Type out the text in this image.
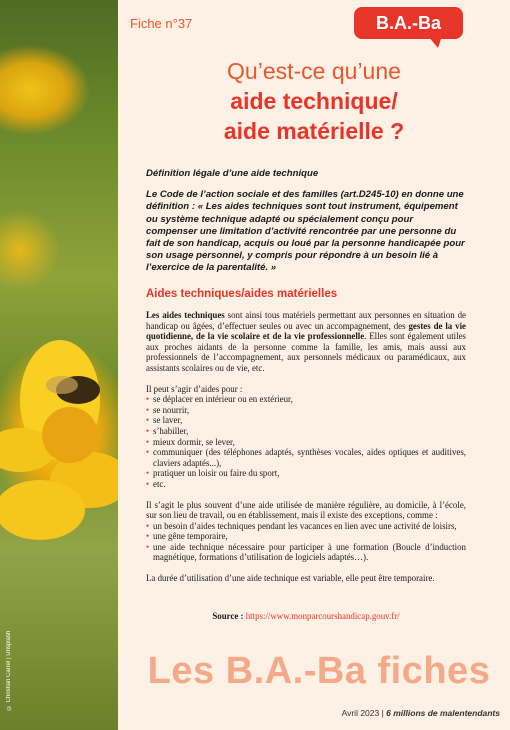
© Christian Carrel | Unsplash
Fiche n°37	B.A.-Ba
Qu’est-ce qu’une
aide technique/
aide matérielle ?
Définition légale d’une aide technique
Le Code de l’action sociale et des familles (art.D245-10) en donne une définition : « Les aides techniques sont tout instrument, équipement ou système technique adapté ou spécialement conçu pour compenser une limitation d’activité rencontrée par une personne du fait de son handicap, acquis ou loué par la personne handicapée pour son usage personnel, y compris pour répondre à un besoin lié à l’exercice de la parentalité. »
Aides techniques/aides matérielles

Les aides techniques sont ainsi tous matériels permettant aux personnes en situation de handicap ou âgées, d’effectuer seules ou avec un accompagnement, des gestes de la vie quotidienne, de la vie scolaire et de la vie professionnelle. Elles sont également utiles aux proches aidants de la personne comme la famille, les amis, mais aussi aux professionnels de l’accompagnement, aux personnels médicaux ou paramédicaux, aux assistants scolaires ou de vie, etc.

Il peut s’agir d’aides pour :

• se déplacer en intérieur ou en extérieur,
• se nourrir,
• se laver,
• s’habiller,
• mieux dormir, se lever,
• communiquer (des téléphones adaptés, synthèses vocales, aides optiques et auditives, claviers adaptés...),
• pratiquer un loisir ou faire du sport,
• etc.

Il s’agit le plus souvent d’une aide utilisée de manière régulière, au domicile, à l’école, sur son lieu de travail, ou en établissement, mais il existe des exceptions, comme :

• un besoin d’aides techniques pendant les vacances en lien avec une activité de loisirs,
• une gêne temporaire,
• une aide technique nécessaire pour participer à une formation (Boucle d’induction magnétique, formations d’utilisation de logiciels adaptés…).

La durée d’utilisation d’une aide technique est variable, elle peut être temporaire.

Source : https://www.monparcourshandicap.gouv.fr/
Les B.A.-Ba fiches
Avril 2023 | 6 millions de malentendants
